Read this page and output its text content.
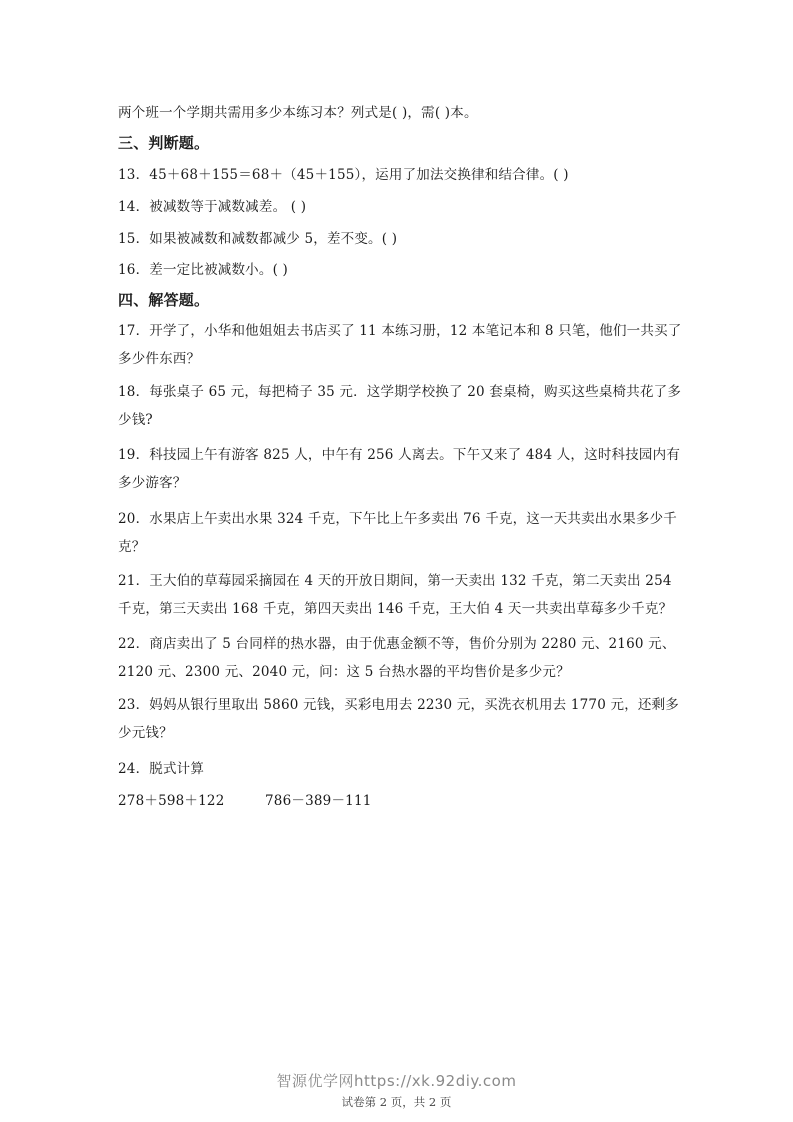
两个班一个学期共需用多少本练习本？列式是( )，需( )本。
三、判断题。
13．45＋68＋155＝68＋（45＋155），运用了加法交换律和结合律。( )
14．被减数等于减数减差。 ( )
15．如果被减数和减数都减少 5，差不变。( )
16．差一定比被减数小。( )
四、解答题。
17．开学了，小华和他姐姐去书店买了 11 本练习册，12 本笔记本和 8 只笔，他们一共买了多少件东西？
18．每张桌子 65 元，每把椅子 35 元．这学期学校换了 20 套桌椅，购买这些桌椅共花了多少钱?
19．科技园上午有游客 825 人，中午有 256 人离去。下午又来了 484 人，这时科技园内有多少游客？
20．水果店上午卖出水果 324 千克，下午比上午多卖出 76 千克，这一天共卖出水果多少千克？
21．王大伯的草莓园采摘园在 4 天的开放日期间，第一天卖出 132 千克，第二天卖出 254 千克，第三天卖出 168 千克，第四天卖出 146 千克，王大伯 4 天一共卖出草莓多少千克？
22．商店卖出了 5 台同样的热水器，由于优惠金额不等，售价分别为 2280 元、2160 元、2120 元、2300 元、2040 元，问：这 5 台热水器的平均售价是多少元？
23．妈妈从银行里取出 5860 元钱，买彩电用去 2230 元，买洗衣机用去 1770 元，还剩多少元钱？
24．脱式计算
278＋598＋122	786－389－111
智源优学网https://xk.92diy.com
试卷第 2 页，共 2 页
